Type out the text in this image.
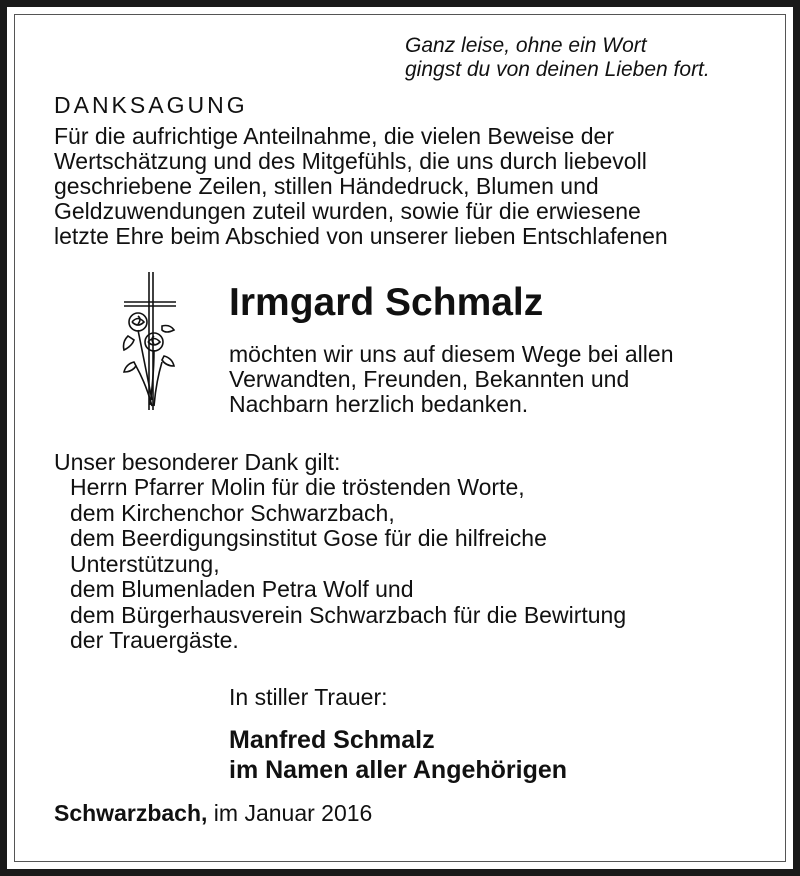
Ganz leise, ohne ein Wort
gingst du von deinen Lieben fort.
DANKSAGUNG
Für die aufrichtige Anteilnahme, die vielen Beweise der
Wertschätzung und des Mitgefühls, die uns durch liebevoll
geschriebene Zeilen, stillen Händedruck, Blumen und
Geldzuwendungen zuteil wurden, sowie für die erwiesene
letzte Ehre beim Abschied von unserer lieben Entschlafenen
Irmgard Schmalz
möchten wir uns auf diesem Wege bei allen
Verwandten, Freunden, Bekannten und
Nachbarn herzlich bedanken.
Unser besonderer Dank gilt:
Herrn Pfarrer Molin für die tröstenden Worte,
dem Kirchenchor Schwarzbach,
dem Beerdigungsinstitut Gose für die hilfreiche
Unterstützung,
dem Blumenladen Petra Wolf und
dem Bürgerhausverein Schwarzbach für die Bewirtung
der Trauergäste.
In stiller Trauer:
Manfred Schmalz
im Namen aller Angehörigen
Schwarzbach, im Januar 2016
